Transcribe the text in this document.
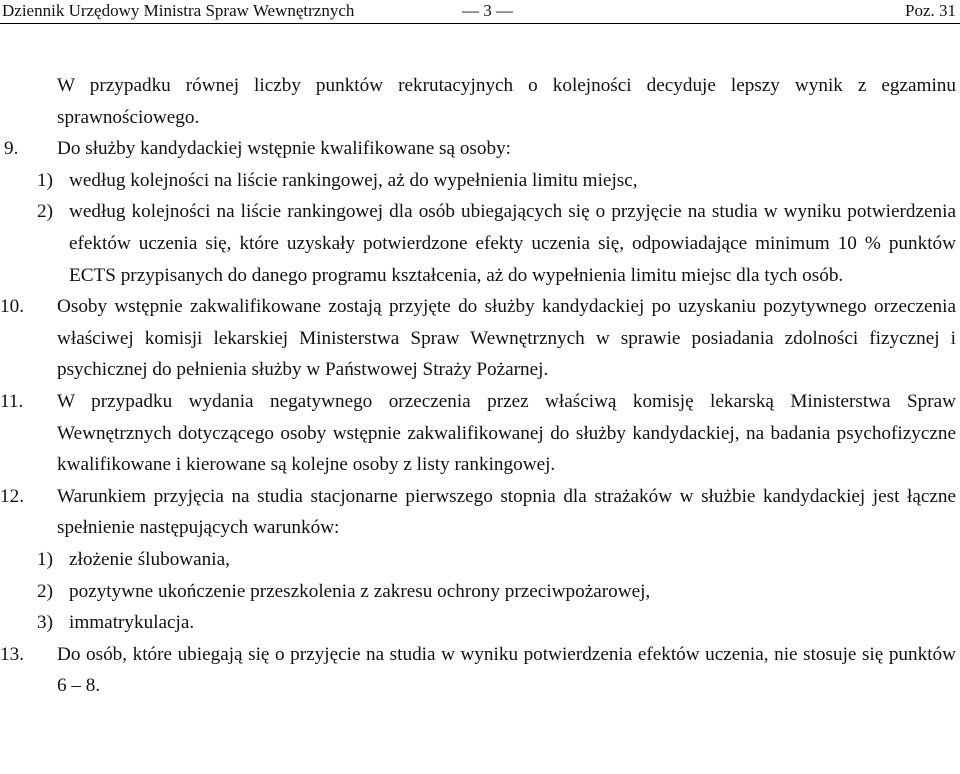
Dziennik Urzędowy Ministra Spraw Wewnętrznych	— 3 —	Poz. 31

W przypadku równej liczby punktów rekrutacyjnych o kolejności decyduje lepszy wynik z egzaminu sprawnościowego.

9. Do służby kandydackiej wstępnie kwalifikowane są osoby:
1) według kolejności na liście rankingowej, aż do wypełnienia limitu miejsc,
2) według kolejności na liście rankingowej dla osób ubiegających się o przyjęcie na studia w wyniku potwierdzenia efektów uczenia się, które uzyskały potwierdzone efekty uczenia się, odpowiadające minimum 10 % punktów ECTS przypisanych do danego programu kształcenia, aż do wypełnienia limitu miejsc dla tych osób.
10. Osoby wstępnie zakwalifikowane zostają przyjęte do służby kandydackiej po uzyskaniu pozytywnego orzeczenia właściwej komisji lekarskiej Ministerstwa Spraw Wewnętrznych w sprawie posiadania zdolności fizycznej i psychicznej do pełnienia służby w Państwowej Straży Pożarnej.
11. W przypadku wydania negatywnego orzeczenia przez właściwą komisję lekarską Ministerstwa Spraw Wewnętrznych dotyczącego osoby wstępnie zakwalifikowanej do służby kandydackiej, na badania psychofizyczne kwalifikowane i kierowane są kolejne osoby z listy rankingowej.
12. Warunkiem przyjęcia na studia stacjonarne pierwszego stopnia dla strażaków w służbie kandydackiej jest łączne spełnienie następujących warunków:
1) złożenie ślubowania,
2) pozytywne ukończenie przeszkolenia z zakresu ochrony przeciwpożarowej,
3) immatrykulacja.
13. Do osób, które ubiegają się o przyjęcie na studia w wyniku potwierdzenia efektów uczenia, nie stosuje się punktów 6 – 8.
